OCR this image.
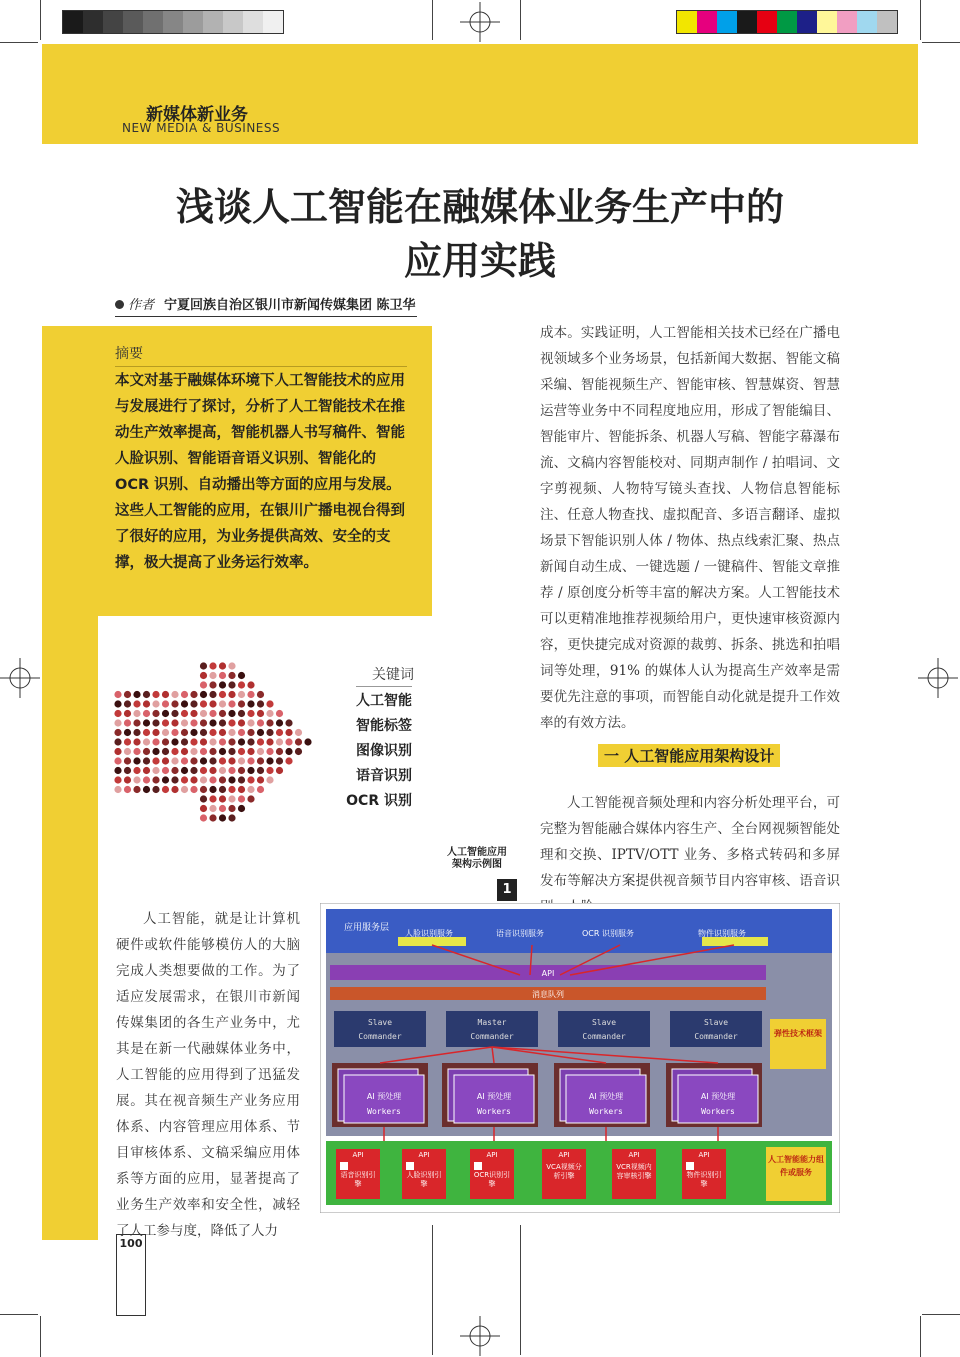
新媒体新业务
NEW MEDIA & BUSINESS
浅谈人工智能在融媒体业务生产中的
应用实践
作者 宁夏回族自治区银川市新闻传媒集团 陈卫华
摘要
本文对基于融媒体环境下人工智能技术的应用与发展进行了探讨，分析了人工智能技术在推动生产效率提高，智能机器人书写稿件、智能人脸识别、智能语音语义识别、智能化的 OCR 识别、自动播出等方面的应用与发展。这些人工智能的应用，在银川广播电视台得到了很好的应用，为业务提供高效、安全的支撑，极大提高了业务运行效率。
关键词
人工智能
智能标签
图像识别
语音识别
OCR 识别
成本。实践证明，人工智能相关技术已经在广播电视领域多个业务场景，包括新闻大数据、智能文稿采编、智能视频生产、智能审核、智慧媒资、智慧运营等业务中不同程度地应用，形成了智能编目、智能审片、智能拆条、机器人写稿、智能字幕瀑布流、文稿内容智能校对、同期声制作 / 拍唱词、文字剪视频、人物特写镜头查找、人物信息智能标注、任意人物查找、虚拟配音、多语言翻译、虚拟场景下智能识别人体 / 物体、热点线索汇聚、热点新闻自动生成、一键选题 / 一键稿件、智能文章推荐 / 原创度分析等丰富的解决方案。人工智能技术可以更精准地推荐视频给用户，更快速审核资源内容，更快捷完成对资源的裁剪、拆条、挑选和拍唱词等处理，91% 的媒体人认为提高生产效率是需要优先注意的事项，而智能自动化就是提升工作效率的有效方法。
一 人工智能应用架构设计
人工智能视音频处理和内容分析处理平台，可完整为智能融合媒体内容生产、全台网视频智能处理和交换、IPTV/OTT 业务、多格式转码和多屏发布等解决方案提供视音频节目内容审核、语音识
人工智能，就是让计算机硬件或软件能够模仿人的大脑完成人类想要做的工作。为了适应发展需求，在银川市新闻传媒集团的各生产业务中，尤其是在新一代融媒体业务中，人工智能的应用得到了迅猛发展。其在视音频生产业务应用体系、内容管理应用体系、节目审核体系、文稿采编应用体系等方面的应用，显著提高了业务生产效率和安全性，减轻了人工参与度，降低了人力
人工智能应用
架构示例图
1
应用服务层
人脸识别服务	语音识别服务	OCR 识别服务	物件识别服务
API
消息队列
Slave
Commander
Master
Commander
Slave
Commander
Slave
Commander	弹性技术框架
AI 预处理
Workers
AI 预处理
Workers
AI 预处理
Workers
AI 预处理
Workers
API
语音识别引擎
API
人脸识别引擎
API
OCR识别引擎
API
VCA视频分析引擎
API
VCR视频内容审核引擎
API
物件识别引擎
人工智能能力组件或服务
100
